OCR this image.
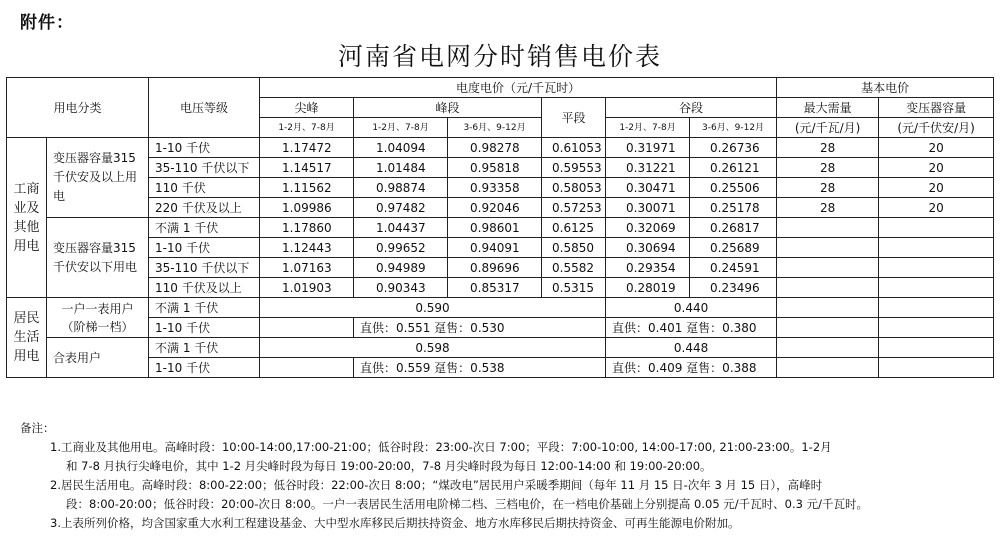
附件：
河南省电网分时销售电价表
用电分类		电压等级	电度电价（元/千瓦时）						基本电价	
			尖峰	峰段		平段	谷段		最大需量	变压器容量
			1-2月、7-8月	1-2月、7-8月	3-6月、9-12月		1-2月、7-8月	3-6月、9-12月	(元/千瓦/月)	(元/千伏安/月)
工商业及其他用电	变压器容量315千伏安及以上用电	1-10 千伏	1.17472	1.04094	0.98278	0.61053	0.31971	0.26736	28	20
		35-110 千伏以下	1.14517	1.01484	0.95818	0.59553	0.31221	0.26121	28	20
		110 千伏	1.11562	0.98874	0.93358	0.58053	0.30471	0.25506	28	20
		220 千伏及以上	1.09986	0.97482	0.92046	0.57253	0.30071	0.25178	28	20
	变压器容量315千伏安以下用电	不满 1 千伏	1.17860	1.04437	0.98601	0.6125	0.32069	0.26817		
		1-10 千伏	1.12443	0.99652	0.94091	0.5850	0.30694	0.25689		
		35-110 千伏以下	1.07163	0.94989	0.89696	0.5582	0.29354	0.24591		
		110 千伏及以上	1.01903	0.90343	0.85317	0.5315	0.28019	0.23496		
居民生活用电	一户一表用户（阶梯一档）	不满 1 千伏	0.590				0.440			
		1-10 千伏		直供：0.551 趸售：0.530			直供：0.401 趸售：0.380			
	合表用户	不满 1 千伏	0.598				0.448			
		1-10 千伏		直供：0.559 趸售：0.538			直供：0.409 趸售：0.388			
备注：
1.工商业及其他用电。高峰时段：10:00-14:00,17:00-21:00；低谷时段：23:00-次日 7:00；平段：7:00-10:00, 14:00-17:00, 21:00-23:00。1-2月
和 7-8 月执行尖峰电价，其中 1-2 月尖峰时段为每日 19:00-20:00，7-8 月尖峰时段为每日 12:00-14:00 和 19:00-20:00。
2.居民生活用电。高峰时段：8:00-22:00；低谷时段：22:00-次日 8:00；“煤改电”居民用户采暖季期间（每年 11 月 15 日-次年 3 月 15 日），高峰时
段：8:00-20:00；低谷时段：20:00-次日 8:00。一户一表居民生活用电阶梯二档、三档电价，在一档电价基础上分别提高 0.05 元/千瓦时、0.3 元/千瓦时。
3.上表所列价格，均含国家重大水利工程建设基金、大中型水库移民后期扶持资金、地方水库移民后期扶持资金、可再生能源电价附加。
